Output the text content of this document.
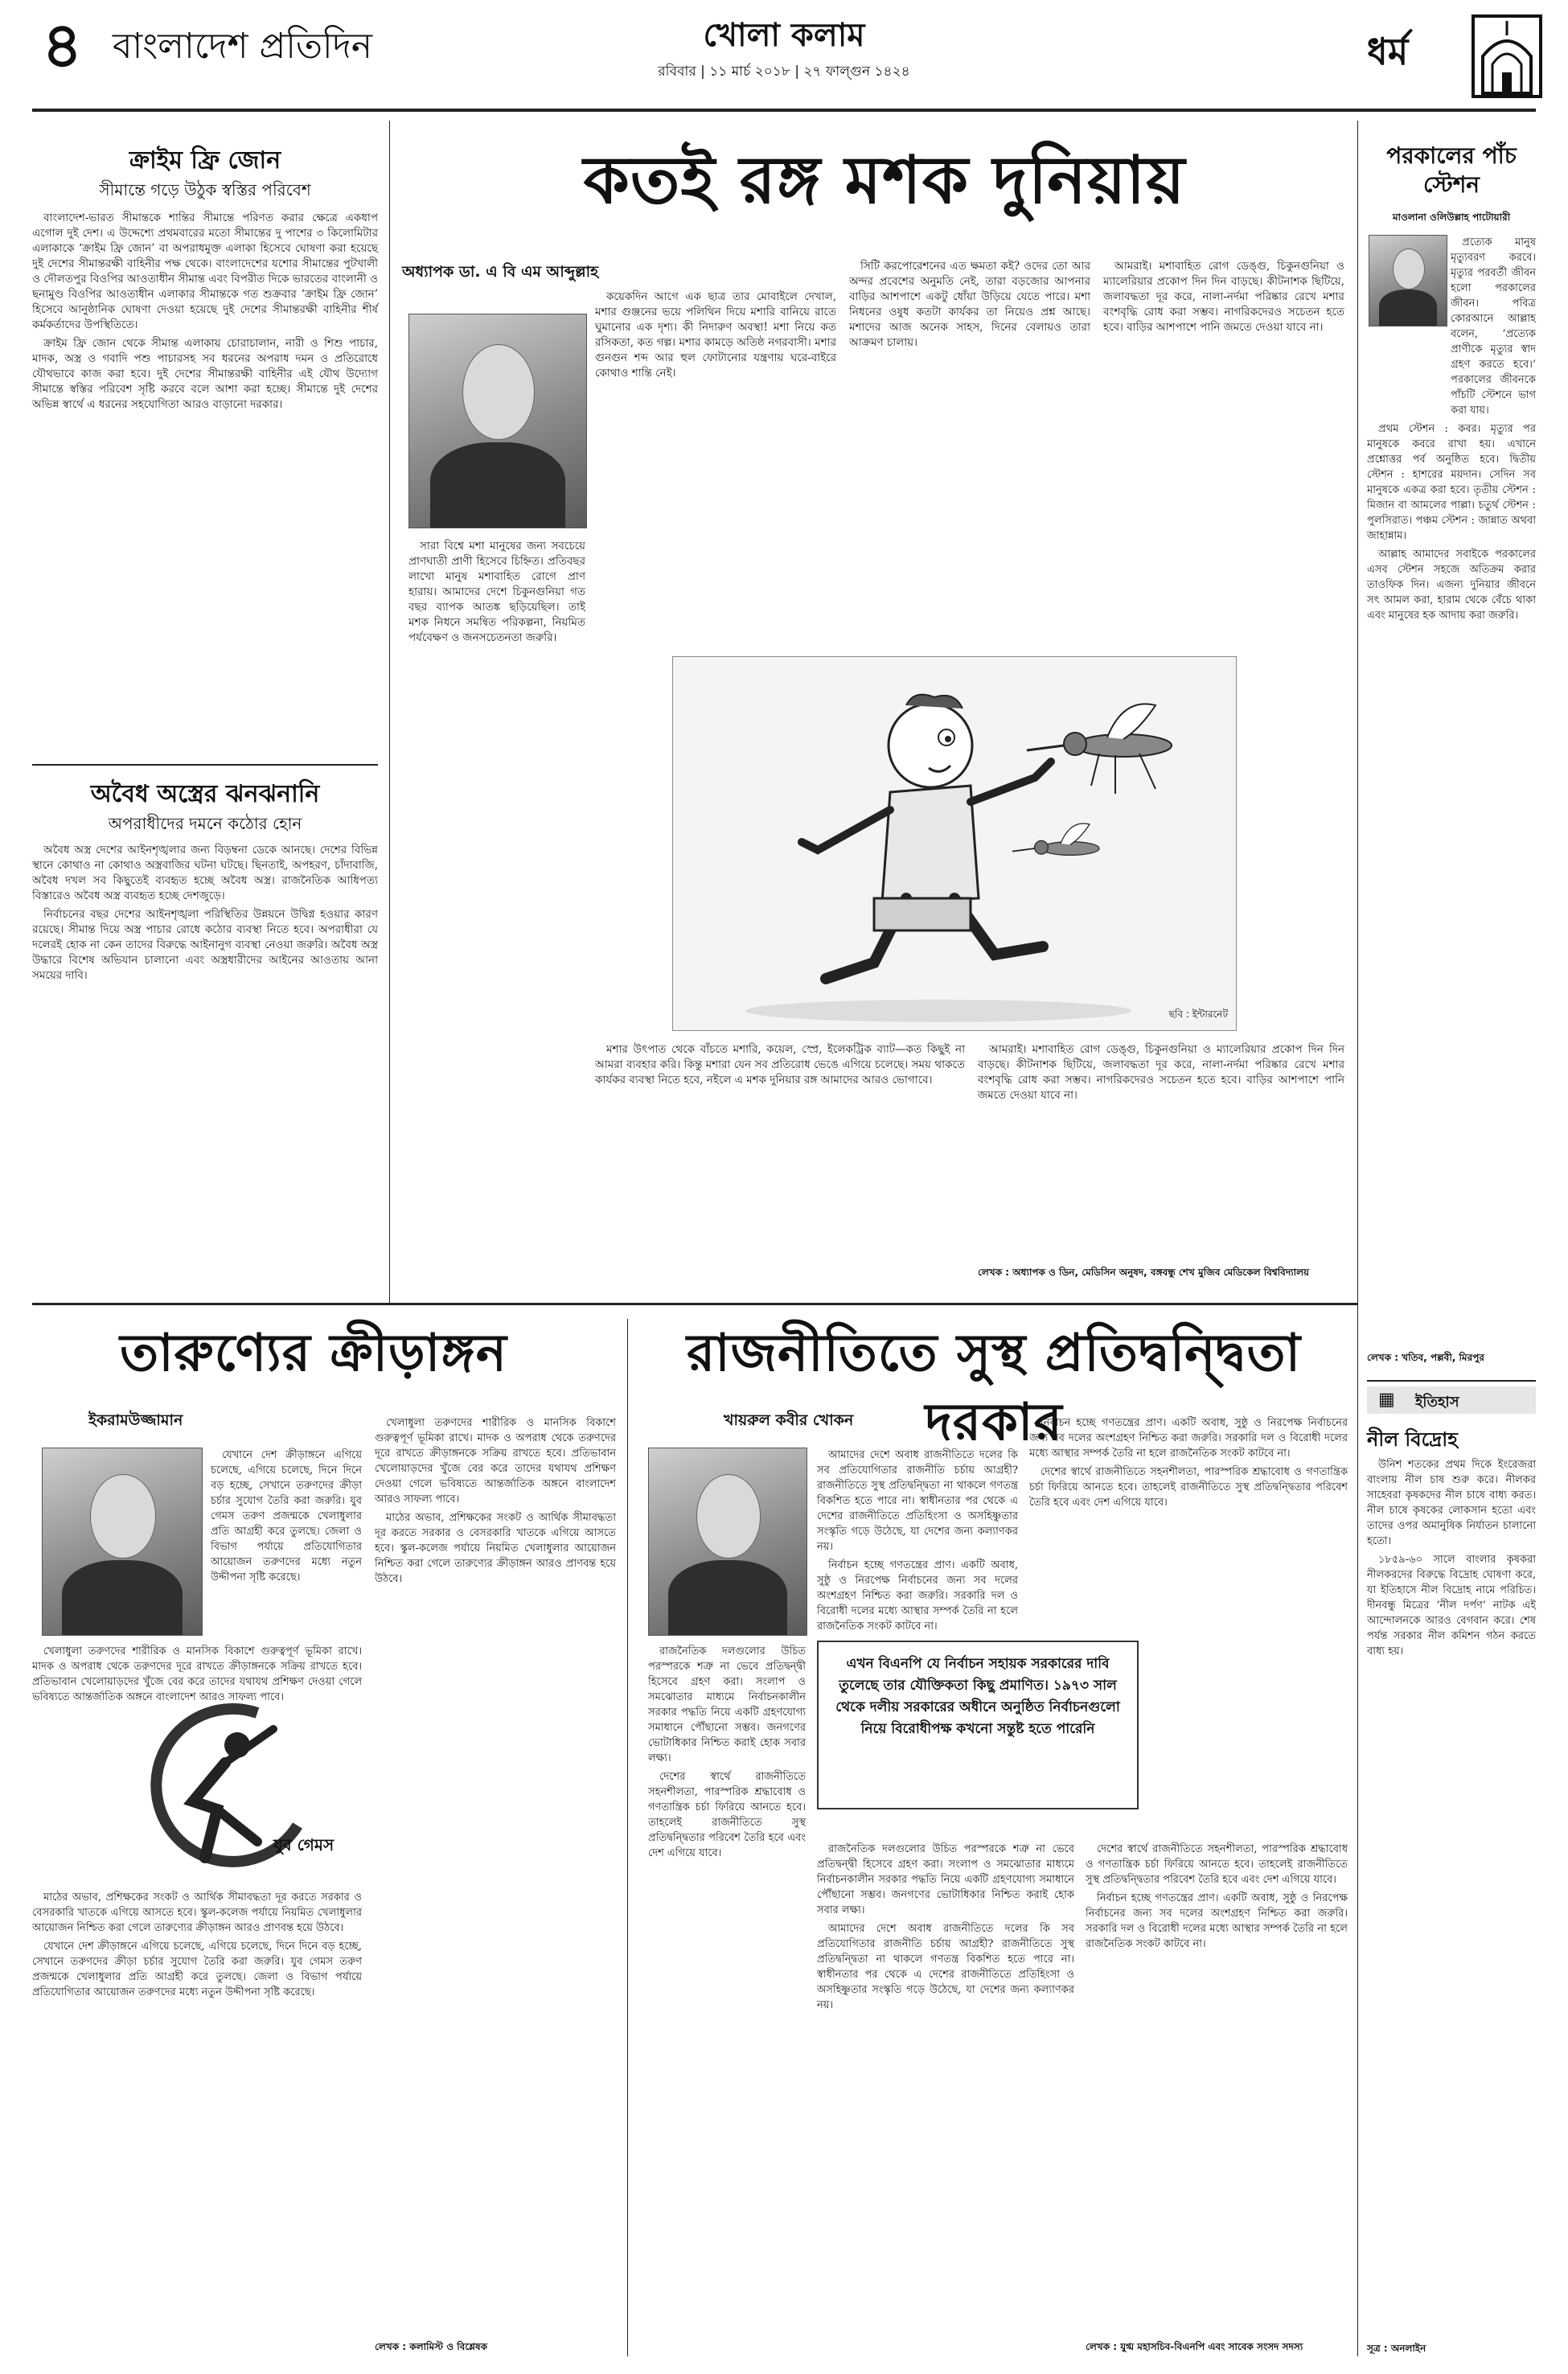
৪ বাংলাদেশ প্রতিদিন	খোলা কলাম
রবিবার | ১১ মার্চ ২০১৮ | ২৭ ফাল্গুন ১৪২৪	ধর্ম
ক্রাইম ফ্রি জোন
সীমান্তে গড়ে উঠুক স্বস্তির পরিবেশ

বাংলাদেশ-ভারত সীমান্তকে শান্তির সীমান্তে পরিণত করার ক্ষেত্রে একধাপ এগোল দুই দেশ। এ উদ্দেশ্যে প্রথমবারের মতো সীমান্তের দু পাশের ৩ কিলোমিটার এলাকাকে ‘ক্রাইম ফ্রি জোন’ বা অপরাধমুক্ত এলাকা হিসেবে ঘোষণা করা হয়েছে দুই দেশের সীমান্তরক্ষী বাহিনীর পক্ষ থেকে। বাংলাদেশের যশোর সীমান্তের পুটখালী ও দৌলতপুর বিওপির আওতাধীন সীমান্ত এবং বিপরীত দিকে ভারতের বাংলানী ও ছনামুণ্ড বিওপির আওতাধীন এলাকার সীমান্তকে গত শুক্রবার ‘ক্রাইম ফ্রি জোন’ হিসেবে আনুষ্ঠানিক ঘোষণা দেওয়া হয়েছে দুই দেশের সীমান্তরক্ষী বাহিনীর শীর্ষ কর্মকর্তাদের উপস্থিতিতে।

ক্রাইম ফ্রি জোন থেকে সীমান্ত এলাকায় চোরাচালান, নারী ও শিশু পাচার, মাদক, অস্ত্র ও গবাদি পশু পাচারসহ সব ধরনের অপরাধ দমন ও প্রতিরোধে যৌথভাবে কাজ করা হবে। দুই দেশের সীমান্তরক্ষী বাহিনীর এই যৌথ উদ্যোগ সীমান্তে স্বস্তির পরিবেশ সৃষ্টি করবে বলে আশা করা হচ্ছে। সীমান্তে দুই দেশের অভিন্ন স্বার্থে এ ধরনের সহযোগিতা আরও বাড়ানো দরকার।

অবৈধ অস্ত্রের ঝনঝনানি
অপরাধীদের দমনে কঠোর হোন

অবৈধ অস্ত্র দেশের আইনশৃঙ্খলার জন্য বিড়ম্বনা ডেকে আনছে। দেশের বিভিন্ন স্থানে কোথাও না কোথাও অস্ত্রবাজির ঘটনা ঘটছে। ছিনতাই, অপহরণ, চাঁদাবাজি, অবৈধ দখল সব কিছুতেই ব্যবহৃত হচ্ছে অবৈধ অস্ত্র। রাজনৈতিক আধিপত্য বিস্তারেও অবৈধ অস্ত্র ব্যবহৃত হচ্ছে দেশজুড়ে।

নির্বাচনের বছর দেশের আইনশৃঙ্খলা পরিস্থিতির উন্নয়নে উদ্বিগ্ন হওয়ার কারণ রয়েছে। সীমান্ত দিয়ে অস্ত্র পাচার রোধে কঠোর ব্যবস্থা নিতে হবে। অপরাধীরা যে দলেরই হোক না কেন তাদের বিরুদ্ধে আইনানুগ ব্যবস্থা নেওয়া জরুরি। অবৈধ অস্ত্র উদ্ধারে বিশেষ অভিযান চালানো এবং অস্ত্রধারীদের আইনের আওতায় আনা সময়ের দাবি।

কতই রঙ্গ মশক দুনিয়ায়
অধ্যাপক ডা. এ বি এম আব্দুল্লাহ

কয়েকদিন আগে এক ছাত্র তার মোবাইলে দেখাল, মশার গুঞ্জনের ভয়ে পলিথিন দিয়ে মশারি বানিয়ে রাতে ঘুমানোর এক দৃশ্য। কী নিদারুণ অবস্থা! মশা নিয়ে কত রসিকতা, কত গল্প। মশার কামড়ে অতিষ্ঠ নগরবাসী। মশার গুনগুন শব্দ আর হুল ফোটানোর যন্ত্রণায় ঘরে-বাইরে কোথাও শান্তি নেই।

সিটি করপোরেশনের এত ক্ষমতা কই? ওদের তো আর অন্দর প্রবেশের অনুমতি নেই, তারা বড়জোর আপনার বাড়ির আশপাশে একটু ধোঁয়া উড়িয়ে যেতে পারে। মশা নিধনের ওষুধ কতটা কার্যকর তা নিয়েও প্রশ্ন আছে। মশাদের আজ অনেক সাহস, দিনের বেলায়ও তারা আক্রমণ চালায়।

আমরাই। মশাবাহিত রোগ ডেঙ্গু, চিকুনগুনিয়া ও ম্যালেরিয়ার প্রকোপ দিন দিন বাড়ছে। কীটনাশক ছিটিয়ে, জলাবদ্ধতা দূর করে, নালা-নর্দমা পরিষ্কার রেখে মশার বংশবৃদ্ধি রোধ করা সম্ভব। নাগরিকদেরও সচেতন হতে হবে। বাড়ির আশপাশে পানি জমতে দেওয়া যাবে না।

সারা বিশ্বে মশা মানুষের জন্য সবচেয়ে প্রাণঘাতী প্রাণী হিসেবে চিহ্নিত। প্রতিবছর লাখো মানুষ মশাবাহিত রোগে প্রাণ হারায়। আমাদের দেশে চিকুনগুনিয়া গত বছর ব্যাপক আতঙ্ক ছড়িয়েছিল। তাই মশক নিধনে সমন্বিত পরিকল্পনা, নিয়মিত পর্যবেক্ষণ ও জনসচেতনতা জরুরি।

ছবি : ইন্টারনেট

মশার উৎপাত থেকে বাঁচতে মশারি, কয়েল, স্প্রে, ইলেকট্রিক ব্যাট—কত কিছুই না আমরা ব্যবহার করি। কিন্তু মশারা যেন সব প্রতিরোধ ভেঙে এগিয়ে চলেছে। সময় থাকতে কার্যকর ব্যবস্থা নিতে হবে, নইলে এ মশক দুনিয়ার রঙ্গ আমাদের আরও ভোগাবে।

আমরাই। মশাবাহিত রোগ ডেঙ্গু, চিকুনগুনিয়া ও ম্যালেরিয়ার প্রকোপ দিন দিন বাড়ছে। কীটনাশক ছিটিয়ে, জলাবদ্ধতা দূর করে, নালা-নর্দমা পরিষ্কার রেখে মশার বংশবৃদ্ধি রোধ করা সম্ভব। নাগরিকদেরও সচেতন হতে হবে। বাড়ির আশপাশে পানি জমতে দেওয়া যাবে না।

লেখক : অধ্যাপক ও ডিন, মেডিসিন অনুষদ, বঙ্গবন্ধু শেখ মুজিব মেডিকেল বিশ্ববিদ্যালয়
পরকালের পাঁচ স্টেশন
মাওলানা ওলিউল্লাহ পাটোয়ারী

প্রত্যেক মানুষ মৃত্যুবরণ করবে। মৃত্যুর পরবর্তী জীবন হলো পরকালের জীবন। পবিত্র কোরআনে আল্লাহ বলেন, ‘প্রত্যেক প্রাণীকে মৃত্যুর স্বাদ গ্রহণ করতে হবে।’ পরকালের জীবনকে পাঁচটি স্টেশনে ভাগ করা যায়।

প্রথম স্টেশন : কবর। মৃত্যুর পর মানুষকে কবরে রাখা হয়। এখানে প্রশ্নোত্তর পর্ব অনুষ্ঠিত হবে। দ্বিতীয় স্টেশন : হাশরের ময়দান। সেদিন সব মানুষকে একত্র করা হবে। তৃতীয় স্টেশন : মিজান বা আমলের পাল্লা। চতুর্থ স্টেশন : পুলসিরাত। পঞ্চম স্টেশন : জান্নাত অথবা জাহান্নাম।

আল্লাহ আমাদের সবাইকে পরকালের এসব স্টেশন সহজে অতিক্রম করার তাওফিক দিন। এজন্য দুনিয়ার জীবনে সৎ আমল করা, হারাম থেকে বেঁচে থাকা এবং মানুষের হক আদায় করা জরুরি।

লেখক : খতিব, পল্লবী, মিরপুর
▦ ইতিহাস
নীল বিদ্রোহ

উনিশ শতকের প্রথম দিকে ইংরেজরা বাংলায় নীল চাষ শুরু করে। নীলকর সাহেবরা কৃষকদের নীল চাষে বাধ্য করত। নীল চাষে কৃষকের লোকসান হতো এবং তাদের ওপর অমানুষিক নির্যাতন চালানো হতো।

১৮৫৯-৬০ সালে বাংলার কৃষকরা নীলকরদের বিরুদ্ধে বিদ্রোহ ঘোষণা করে, যা ইতিহাসে নীল বিদ্রোহ নামে পরিচিত। দীনবন্ধু মিত্রের ‘নীল দর্পণ’ নাটক এই আন্দোলনকে আরও বেগবান করে। শেষ পর্যন্ত সরকার নীল কমিশন গঠন করতে বাধ্য হয়।

সূত্র : অনলাইন
তারুণ্যের ক্রীড়াঙ্গন
ইকরামউজ্জামান

যেখানে দেশ ক্রীড়াঙ্গনে এগিয়ে চলেছে, এগিয়ে চলেছে, দিনে দিনে বড় হচ্ছে, সেখানে তরুণদের ক্রীড়া চর্চার সুযোগ তৈরি করা জরুরি। যুব গেমস তরুণ প্রজন্মকে খেলাধুলার প্রতি আগ্রহী করে তুলছে। জেলা ও বিভাগ পর্যায়ে প্রতিযোগিতার আয়োজন তরুণদের মধ্যে নতুন উদ্দীপনা সৃষ্টি করেছে।

যুব গেমস

খেলাধুলা তরুণদের শারীরিক ও মানসিক বিকাশে গুরুত্বপূর্ণ ভূমিকা রাখে। মাদক ও অপরাধ থেকে তরুণদের দূরে রাখতে ক্রীড়াঙ্গনকে সক্রিয় রাখতে হবে। প্রতিভাবান খেলোয়াড়দের খুঁজে বের করে তাদের যথাযথ প্রশিক্ষণ দেওয়া গেলে ভবিষ্যতে আন্তর্জাতিক অঙ্গনে বাংলাদেশ আরও সাফল্য পাবে।

মাঠের অভাব, প্রশিক্ষকের সংকট ও আর্থিক সীমাবদ্ধতা দূর করতে সরকার ও বেসরকারি খাতকে এগিয়ে আসতে হবে। স্কুল-কলেজ পর্যায়ে নিয়মিত খেলাধুলার আয়োজন নিশ্চিত করা গেলে তারুণ্যের ক্রীড়াঙ্গন আরও প্রাণবন্ত হয়ে উঠবে।

যেখানে দেশ ক্রীড়াঙ্গনে এগিয়ে চলেছে, এগিয়ে চলেছে, দিনে দিনে বড় হচ্ছে, সেখানে তরুণদের ক্রীড়া চর্চার সুযোগ তৈরি করা জরুরি। যুব গেমস তরুণ প্রজন্মকে খেলাধুলার প্রতি আগ্রহী করে তুলছে। জেলা ও বিভাগ পর্যায়ে প্রতিযোগিতার আয়োজন তরুণদের মধ্যে নতুন উদ্দীপনা সৃষ্টি করেছে।

খেলাধুলা তরুণদের শারীরিক ও মানসিক বিকাশে গুরুত্বপূর্ণ ভূমিকা রাখে। মাদক ও অপরাধ থেকে তরুণদের দূরে রাখতে ক্রীড়াঙ্গনকে সক্রিয় রাখতে হবে। প্রতিভাবান খেলোয়াড়দের খুঁজে বের করে তাদের যথাযথ প্রশিক্ষণ দেওয়া গেলে ভবিষ্যতে আন্তর্জাতিক অঙ্গনে বাংলাদেশ আরও সাফল্য পাবে।

মাঠের অভাব, প্রশিক্ষকের সংকট ও আর্থিক সীমাবদ্ধতা দূর করতে সরকার ও বেসরকারি খাতকে এগিয়ে আসতে হবে। স্কুল-কলেজ পর্যায়ে নিয়মিত খেলাধুলার আয়োজন নিশ্চিত করা গেলে তারুণ্যের ক্রীড়াঙ্গন আরও প্রাণবন্ত হয়ে উঠবে।

লেখক : কলামিস্ট ও বিশ্লেষক
রাজনীতিতে সুস্থ প্রতিদ্বন্দ্বিতা দরকার
খায়রুল কবীর খোকন

আমাদের দেশে অবাধ রাজনীতিতে দলের কি সব প্রতিযোগিতার রাজনীতি চর্চায় আগ্রহী? রাজনীতিতে সুস্থ প্রতিদ্বন্দ্বিতা না থাকলে গণতন্ত্র বিকশিত হতে পারে না। স্বাধীনতার পর থেকে এ দেশের রাজনীতিতে প্রতিহিংসা ও অসহিষ্ণুতার সংস্কৃতি গড়ে উঠেছে, যা দেশের জন্য কল্যাণকর নয়।

নির্বাচন হচ্ছে গণতন্ত্রের প্রাণ। একটি অবাধ, সুষ্ঠু ও নিরপেক্ষ নির্বাচনের জন্য সব দলের অংশগ্রহণ নিশ্চিত করা জরুরি। সরকারি দল ও বিরোধী দলের মধ্যে আস্থার সম্পর্ক তৈরি না হলে রাজনৈতিক সংকট কাটবে না।

রাজনৈতিক দলগুলোর উচিত পরস্পরকে শত্রু না ভেবে প্রতিদ্বন্দ্বী হিসেবে গ্রহণ করা। সংলাপ ও সমঝোতার মাধ্যমে নির্বাচনকালীন সরকার পদ্ধতি নিয়ে একটি গ্রহণযোগ্য সমাধানে পৌঁছানো সম্ভব। জনগণের ভোটাধিকার নিশ্চিত করাই হোক সবার লক্ষ্য।

দেশের স্বার্থে রাজনীতিতে সহনশীলতা, পারস্পরিক শ্রদ্ধাবোধ ও গণতান্ত্রিক চর্চা ফিরিয়ে আনতে হবে। তাহলেই রাজনীতিতে সুস্থ প্রতিদ্বন্দ্বিতার পরিবেশ তৈরি হবে এবং দেশ এগিয়ে যাবে।

নির্বাচন হচ্ছে গণতন্ত্রের প্রাণ। একটি অবাধ, সুষ্ঠু ও নিরপেক্ষ নির্বাচনের জন্য সব দলের অংশগ্রহণ নিশ্চিত করা জরুরি। সরকারি দল ও বিরোধী দলের মধ্যে আস্থার সম্পর্ক তৈরি না হলে রাজনৈতিক সংকট কাটবে না।

দেশের স্বার্থে রাজনীতিতে সহনশীলতা, পারস্পরিক শ্রদ্ধাবোধ ও গণতান্ত্রিক চর্চা ফিরিয়ে আনতে হবে। তাহলেই রাজনীতিতে সুস্থ প্রতিদ্বন্দ্বিতার পরিবেশ তৈরি হবে এবং দেশ এগিয়ে যাবে।

এখন বিএনপি যে নির্বাচন সহায়ক সরকারের দাবি তুলেছে তার যৌক্তিকতা কিছু প্রমাণিত। ১৯৭৩ সাল থেকে দলীয় সরকারের অধীনে অনুষ্ঠিত নির্বাচনগুলো নিয়ে বিরোধীপক্ষ কখনো সন্তুষ্ট হতে পারেনি

রাজনৈতিক দলগুলোর উচিত পরস্পরকে শত্রু না ভেবে প্রতিদ্বন্দ্বী হিসেবে গ্রহণ করা। সংলাপ ও সমঝোতার মাধ্যমে নির্বাচনকালীন সরকার পদ্ধতি নিয়ে একটি গ্রহণযোগ্য সমাধানে পৌঁছানো সম্ভব। জনগণের ভোটাধিকার নিশ্চিত করাই হোক সবার লক্ষ্য।

আমাদের দেশে অবাধ রাজনীতিতে দলের কি সব প্রতিযোগিতার রাজনীতি চর্চায় আগ্রহী? রাজনীতিতে সুস্থ প্রতিদ্বন্দ্বিতা না থাকলে গণতন্ত্র বিকশিত হতে পারে না। স্বাধীনতার পর থেকে এ দেশের রাজনীতিতে প্রতিহিংসা ও অসহিষ্ণুতার সংস্কৃতি গড়ে উঠেছে, যা দেশের জন্য কল্যাণকর নয়।

দেশের স্বার্থে রাজনীতিতে সহনশীলতা, পারস্পরিক শ্রদ্ধাবোধ ও গণতান্ত্রিক চর্চা ফিরিয়ে আনতে হবে। তাহলেই রাজনীতিতে সুস্থ প্রতিদ্বন্দ্বিতার পরিবেশ তৈরি হবে এবং দেশ এগিয়ে যাবে।

নির্বাচন হচ্ছে গণতন্ত্রের প্রাণ। একটি অবাধ, সুষ্ঠু ও নিরপেক্ষ নির্বাচনের জন্য সব দলের অংশগ্রহণ নিশ্চিত করা জরুরি। সরকারি দল ও বিরোধী দলের মধ্যে আস্থার সম্পর্ক তৈরি না হলে রাজনৈতিক সংকট কাটবে না।

লেখক : যুগ্ম মহাসচিব-বিএনপি এবং সাবেক সংসদ সদস্য
